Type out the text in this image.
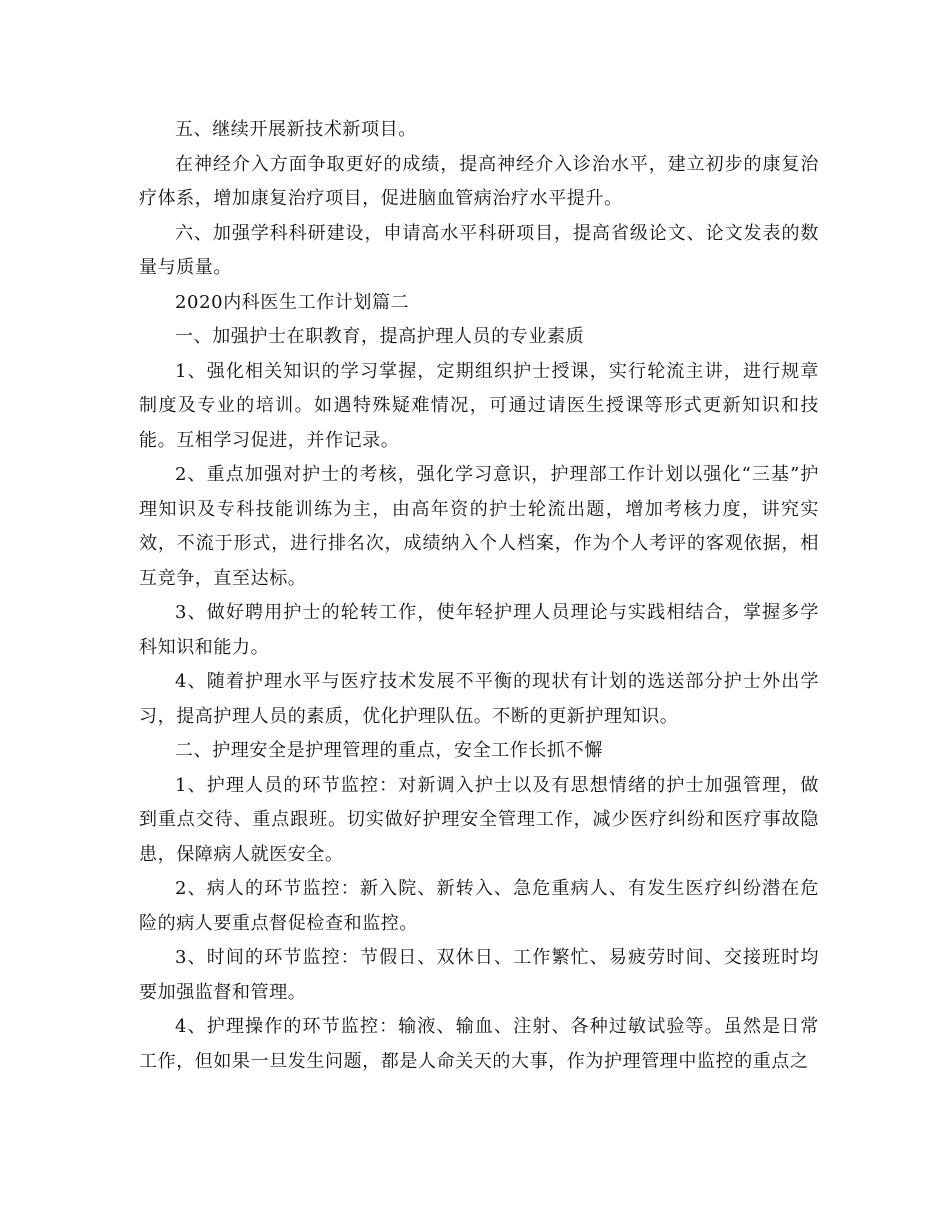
五、继续开展新技术新项目。

在神经介入方面争取更好的成绩，提高神经介入诊治水平，建立初步的康复治疗体系，增加康复治疗项目，促进脑血管病治疗水平提升。

六、加强学科科研建设，申请高水平科研项目，提高省级论文、论文发表的数量与质量。

2020内科医生工作计划篇二

一、加强护士在职教育，提高护理人员的专业素质

1、强化相关知识的学习掌握，定期组织护士授课，实行轮流主讲，进行规章制度及专业的培训。如遇特殊疑难情况，可通过请医生授课等形式更新知识和技能。互相学习促进，并作记录。

2、重点加强对护士的考核，强化学习意识，护理部工作计划以强化“三基”护理知识及专科技能训练为主，由高年资的护士轮流出题，增加考核力度，讲究实效，不流于形式，进行排名次，成绩纳入个人档案，作为个人考评的客观依据，相互竞争，直至达标。

3、做好聘用护士的轮转工作，使年轻护理人员理论与实践相结合，掌握多学科知识和能力。

4、随着护理水平与医疗技术发展不平衡的现状有计划的选送部分护士外出学习，提高护理人员的素质，优化护理队伍。不断的更新护理知识。

二、护理安全是护理管理的重点，安全工作长抓不懈

1、护理人员的环节监控：对新调入护士以及有思想情绪的护士加强管理，做到重点交待、重点跟班。切实做好护理安全管理工作，减少医疗纠纷和医疗事故隐患，保障病人就医安全。

2、病人的环节监控：新入院、新转入、急危重病人、有发生医疗纠纷潜在危险的病人要重点督促检查和监控。

3、时间的环节监控：节假日、双休日、工作繁忙、易疲劳时间、交接班时均要加强监督和管理。

4、护理操作的环节监控：输液、输血、注射、各种过敏试验等。虽然是日常工作，但如果一旦发生问题，都是人命关天的大事，作为护理管理中监控的重点之
